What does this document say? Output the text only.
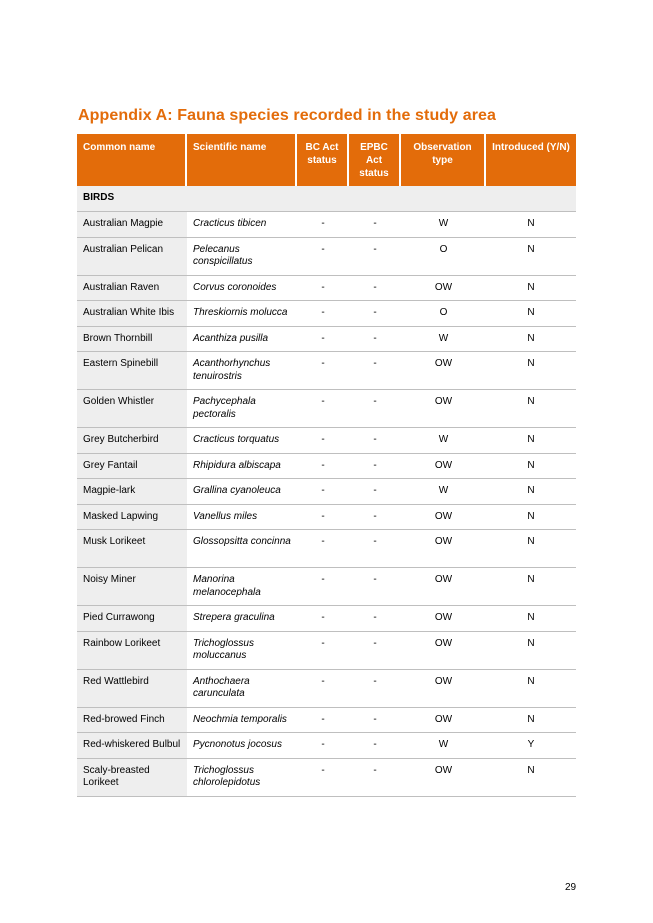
Appendix A: Fauna species recorded in the study area
Common name	Scientific name	BC Act status	EPBC Act status	Observation type	Introduced (Y/N)
BIRDS					
Australian Magpie	Cracticus tibicen	-	-	W	N
Australian Pelican	Pelecanus conspicillatus	-	-	O	N
Australian Raven	Corvus coronoides	-	-	OW	N
Australian White Ibis	Threskiornis molucca	-	-	O	N
Brown Thornbill	Acanthiza pusilla	-	-	W	N
Eastern Spinebill	Acanthorhynchus tenuirostris	-	-	OW	N
Golden Whistler	Pachycephala pectoralis	-	-	OW	N
Grey Butcherbird	Cracticus torquatus	-	-	W	N
Grey Fantail	Rhipidura albiscapa	-	-	OW	N
Magpie-lark	Grallina cyanoleuca	-	-	W	N
Masked Lapwing	Vanellus miles	-	-	OW	N
Musk Lorikeet	Glossopsitta concinna	-	-	OW	N
Noisy Miner	Manorina melanocephala	-	-	OW	N
Pied Currawong	Strepera graculina	-	-	OW	N
Rainbow Lorikeet	Trichoglossus moluccanus	-	-	OW	N
Red Wattlebird	Anthochaera carunculata	-	-	OW	N
Red-browed Finch	Neochmia temporalis	-	-	OW	N
Red-whiskered Bulbul	Pycnonotus jocosus	-	-	W	Y
Scaly-breasted Lorikeet	Trichoglossus chlorolepidotus	-	-	OW	N
29
